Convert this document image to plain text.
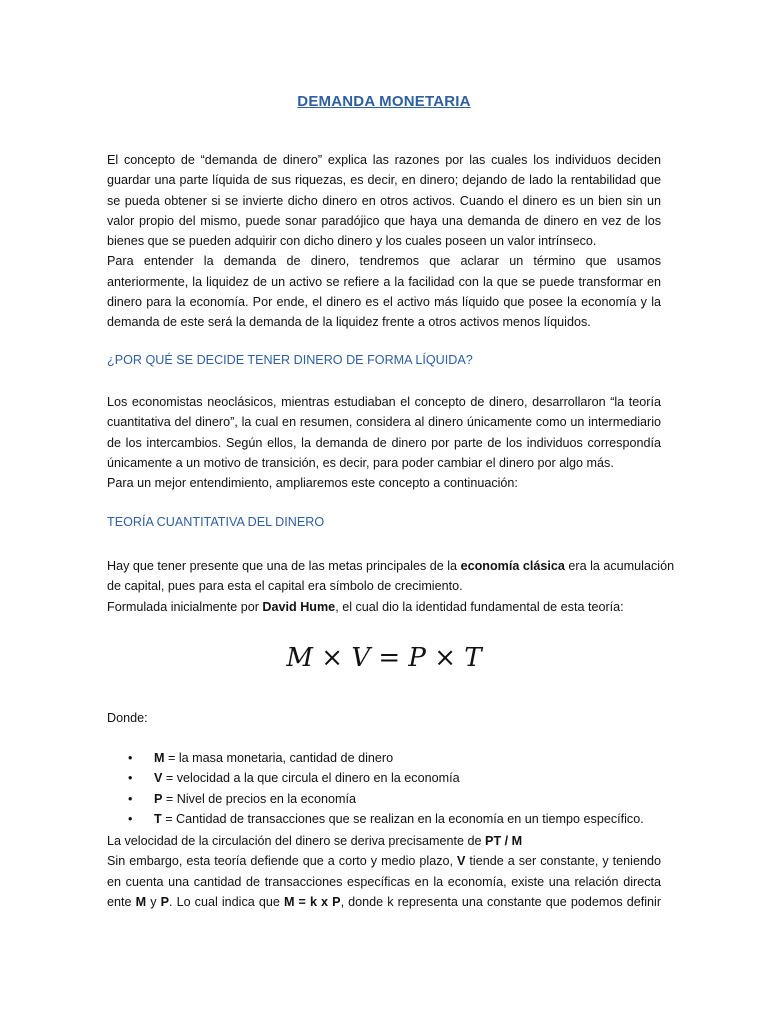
DEMANDA MONETARIA
El concepto de “demanda de dinero” explica las razones por las cuales los individuos deciden
guardar una parte líquida de sus riquezas, es decir, en dinero; dejando de lado la rentabilidad que
se pueda obtener si se invierte dicho dinero en otros activos. Cuando el dinero es un bien sin un
valor propio del mismo, puede sonar paradójico que haya una demanda de dinero en vez de los
bienes que se pueden adquirir con dicho dinero y los cuales poseen un valor intrínseco.
Para entender la demanda de dinero, tendremos que aclarar un término que usamos
anteriormente, la liquidez de un activo se refiere a la facilidad con la que se puede transformar en
dinero para la economía. Por ende, el dinero es el activo más líquido que posee la economía y la
demanda de este será la demanda de la liquidez frente a otros activos menos líquidos.
¿POR QUÉ SE DECIDE TENER DINERO DE FORMA LÍQUIDA?
Los economistas neoclásicos, mientras estudiaban el concepto de dinero, desarrollaron “la teoría
cuantitativa del dinero”, la cual en resumen, considera al dinero únicamente como un intermediario
de los intercambios. Según ellos, la demanda de dinero por parte de los individuos correspondía
únicamente a un motivo de transición, es decir, para poder cambiar el dinero por algo más.
Para un mejor entendimiento, ampliaremos este concepto a continuación:
TEORÍA CUANTITATIVA DEL DINERO
Hay que tener presente que una de las metas principales de la economía clásica era la acumulación
de capital, pues para esta el capital era símbolo de crecimiento.
Formulada inicialmente por David Hume, el cual dio la identidad fundamental de esta teoría:
M × V = P × T
Donde:
• M = la masa monetaria, cantidad de dinero
• V = velocidad a la que circula el dinero en la economía
• P = Nivel de precios en la economía
• T = Cantidad de transacciones que se realizan en la economía en un tiempo específico.
La velocidad de la circulación del dinero se deriva precisamente de PT / M
Sin embargo, esta teoría defiende que a corto y medio plazo, V tiende a ser constante, y teniendo
en cuenta una cantidad de transacciones específicas en la economía, existe una relación directa
ente M y P. Lo cual indica que M = k x P, donde k representa una constante que podemos definir
